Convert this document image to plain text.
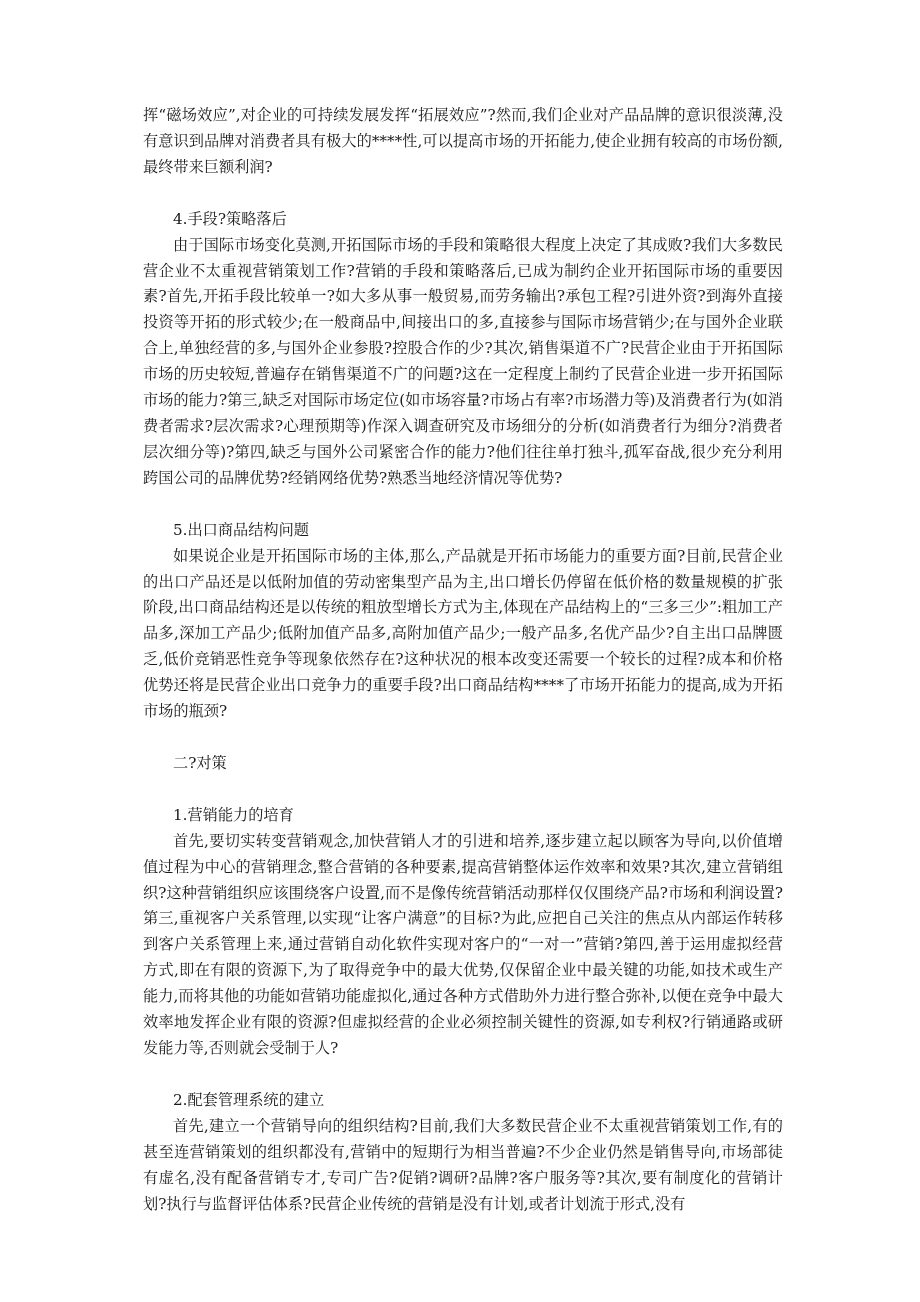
挥“磁场效应”,对企业的可持续发展发挥“拓展效应”?然而,我们企业对产品品牌的意识很淡薄,没有意识到品牌对消费者具有极大的****性,可以提高市场的开拓能力,使企业拥有较高的市场份额,最终带来巨额利润?

4.手段?策略落后

由于国际市场变化莫测,开拓国际市场的手段和策略很大程度上决定了其成败?我们大多数民营企业不太重视营销策划工作?营销的手段和策略落后,已成为制约企业开拓国际市场的重要因素?首先,开拓手段比较单一?如大多从事一般贸易,而劳务输出?承包工程?引进外资?到海外直接投资等开拓的形式较少;在一般商品中,间接出口的多,直接参与国际市场营销少;在与国外企业联合上,单独经营的多,与国外企业参股?控股合作的少?其次,销售渠道不广?民营企业由于开拓国际市场的历史较短,普遍存在销售渠道不广的问题?这在一定程度上制约了民营企业进一步开拓国际市场的能力?第三,缺乏对国际市场定位(如市场容量?市场占有率?市场潜力等)及消费者行为(如消费者需求?层次需求?心理预期等)作深入调查研究及市场细分的分析(如消费者行为细分?消费者层次细分等)?第四,缺乏与国外公司紧密合作的能力?他们往往单打独斗,孤军奋战,很少充分利用跨国公司的品牌优势?经销网络优势?熟悉当地经济情况等优势?

5.出口商品结构问题

如果说企业是开拓国际市场的主体,那么,产品就是开拓市场能力的重要方面?目前,民营企业的出口产品还是以低附加值的劳动密集型产品为主,出口增长仍停留在低价格的数量规模的扩张阶段,出口商品结构还是以传统的粗放型增长方式为主,体现在产品结构上的“三多三少”:粗加工产品多,深加工产品少;低附加值产品多,高附加值产品少;一般产品多,名优产品少?自主出口品牌匮乏,低价竞销恶性竞争等现象依然存在?这种状况的根本改变还需要一个较长的过程?成本和价格优势还将是民营企业出口竞争力的重要手段?出口商品结构****了市场开拓能力的提高,成为开拓市场的瓶颈?

二?对策

1.营销能力的培育

首先,要切实转变营销观念,加快营销人才的引进和培养,逐步建立起以顾客为导向,以价值增值过程为中心的营销理念,整合营销的各种要素,提高营销整体运作效率和效果?其次,建立营销组织?这种营销组织应该围绕客户设置,而不是像传统营销活动那样仅仅围绕产品?市场和利润设置?第三,重视客户关系管理,以实现“让客户满意”的目标?为此,应把自己关注的焦点从内部运作转移到客户关系管理上来,通过营销自动化软件实现对客户的“一对一”营销?第四,善于运用虚拟经营方式,即在有限的资源下,为了取得竞争中的最大优势,仅保留企业中最关键的功能,如技术或生产能力,而将其他的功能如营销功能虚拟化,通过各种方式借助外力进行整合弥补,以便在竞争中最大效率地发挥企业有限的资源?但虚拟经营的企业必须控制关键性的资源,如专利权?行销通路或研发能力等,否则就会受制于人?

2.配套管理系统的建立

首先,建立一个营销导向的组织结构?目前,我们大多数民营企业不太重视营销策划工作,有的甚至连营销策划的组织都没有,营销中的短期行为相当普遍?不少企业仍然是销售导向,市场部徒有虚名,没有配备营销专才,专司广告?促销?调研?品牌?客户服务等?其次,要有制度化的营销计划?执行与监督评估体系?民营企业传统的营销是没有计划,或者计划流于形式,没有
